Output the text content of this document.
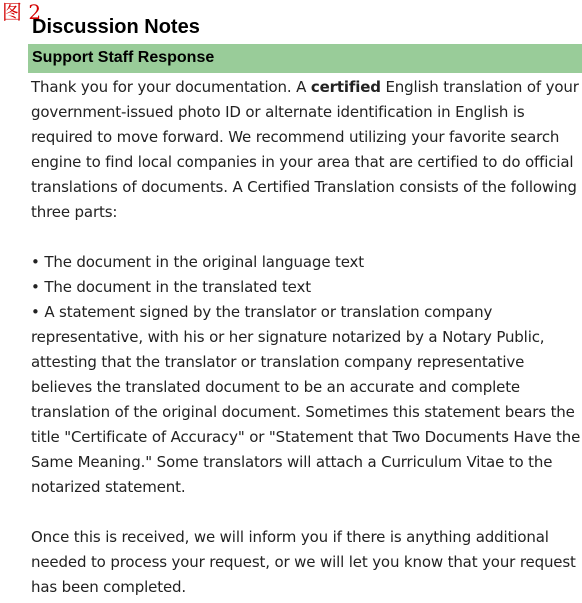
图 2

Discussion Notes
Support Staff Response

Thank you for your documentation. A certified English translation of your government-issued photo ID or alternate identification in English is required to move forward. We recommend utilizing your favorite search engine to find local companies in your area that are certified to do official translations of documents. A Certified Translation consists of the following three parts:

• The document in the original language text
• The document in the translated text
• A statement signed by the translator or translation company representative, with his or her signature notarized by a Notary Public, attesting that the translator or translation company representative believes the translated document to be an accurate and complete translation of the original document. Sometimes this statement bears the title "Certificate of Accuracy" or "Statement that Two Documents Have the Same Meaning." Some translators will attach a Curriculum Vitae to the notarized statement.

Once this is received, we will inform you if there is anything additional needed to process your request, or we will let you know that your request has been completed.
